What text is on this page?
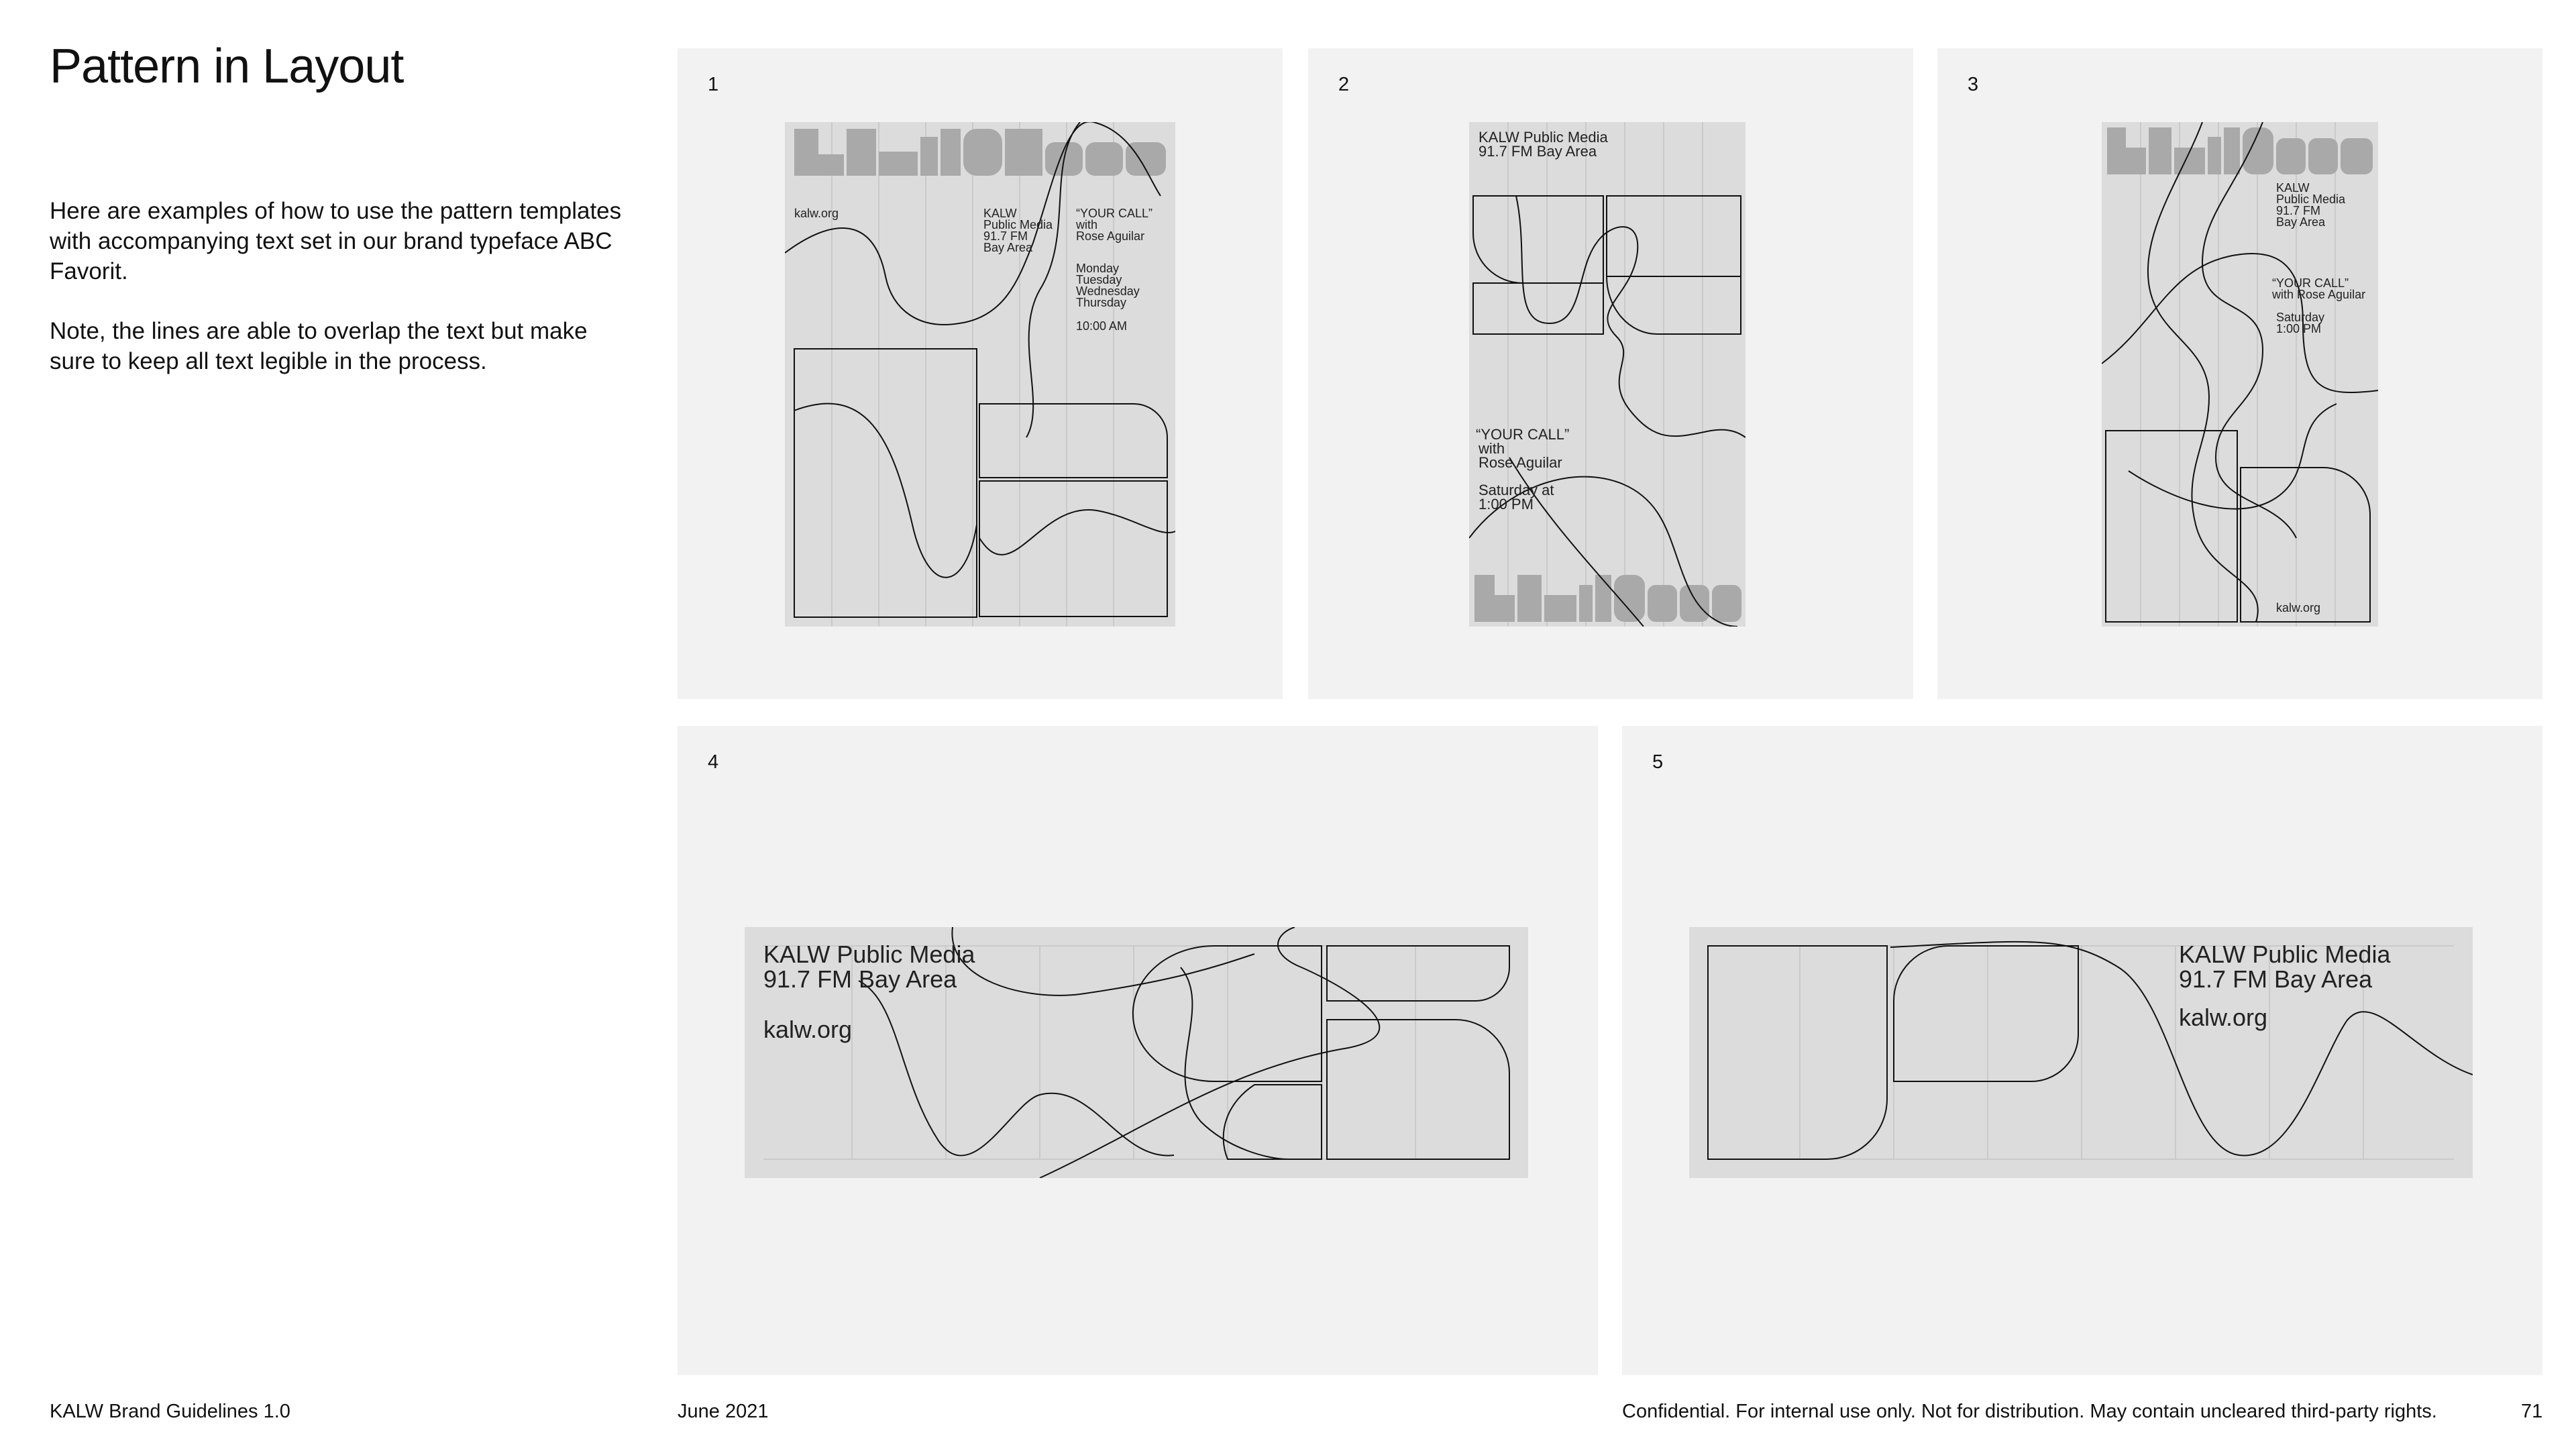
Pattern in Layout

Here are examples of how to use the pattern templates with accompanying text set in our brand typeface ABC Favorit.

Note, the lines are able to overlap the text but make sure to keep all text legible in the process.

1
kalw.org	KALW
Public Media
91.7 FM
Bay Area
“YOUR CALL”
with
Rose Aguilar
Monday
Tuesday
Wednesday
Thursday
10:00 AM
2
KALW Public Media
91.7 FM Bay Area
“YOUR CALL”
with
Rose Aguilar
Saturday at
1:00 PM
3
KALW
Public Media
91.7 FM
Bay Area
“YOUR CALL”
with Rose Aguilar
Saturday
1:00 PM
kalw.org
4
KALW Public Media
91.7 FM Bay Area
kalw.org
5
KALW Public Media
91.7 FM Bay Area
kalw.org
KALW Brand Guidelines 1.0	June 2021	Confidential. For internal use only. Not for distribution. May contain uncleared third-party rights.	71
